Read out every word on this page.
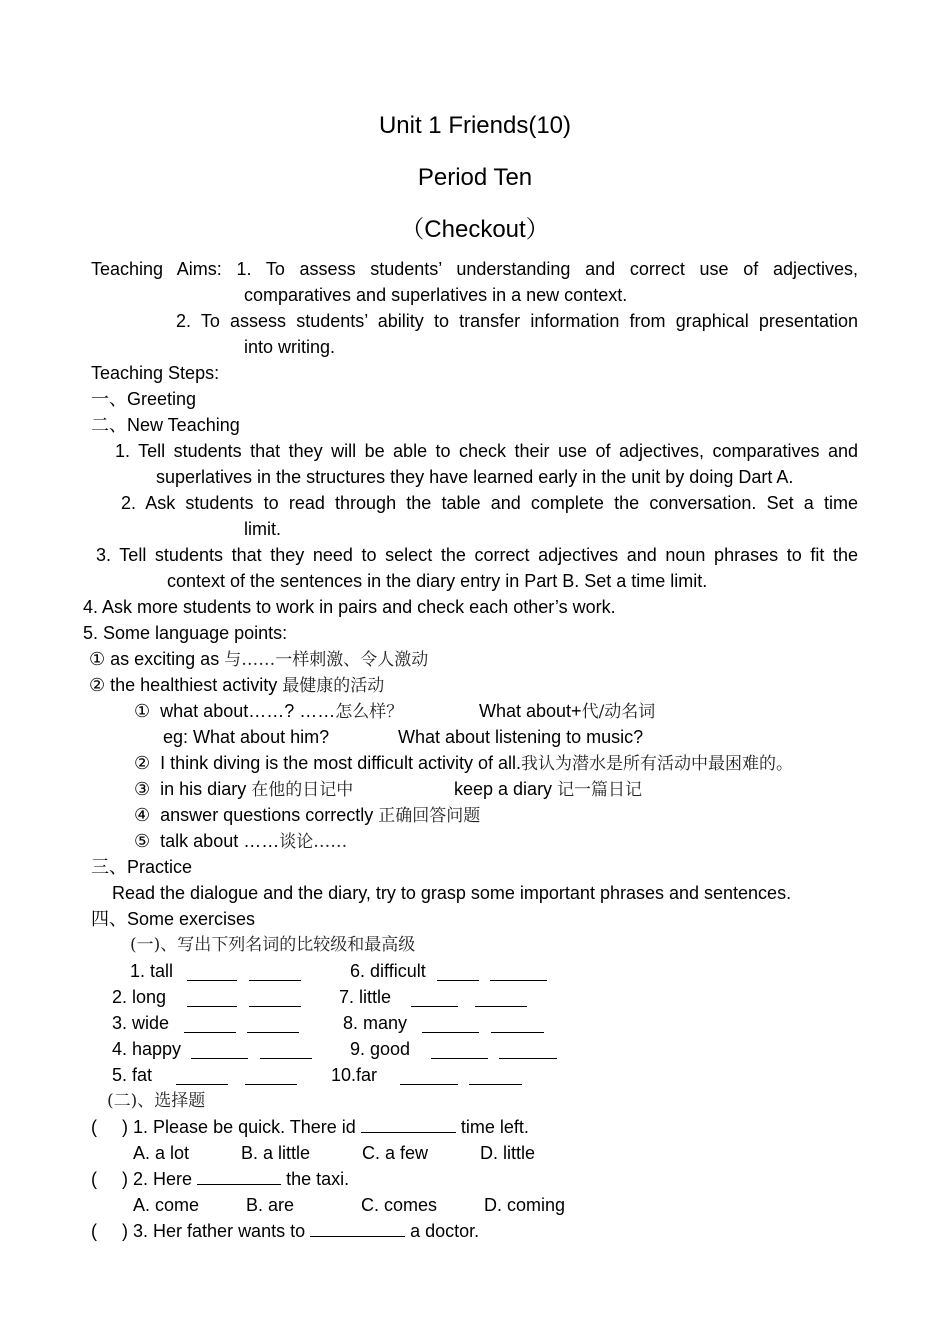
Unit 1 Friends(10)
Period Ten
（Checkout）
Teaching Aims: 1. To assess students’ understanding and correct use of adjectives,
comparatives and superlatives in a new context.
2. To assess students’ ability to transfer information from graphical presentation
into writing.
Teaching Steps:
一、Greeting
二、New Teaching
1. Tell students that they will be able to check their use of adjectives, comparatives and
superlatives in the structures they have learned early in the unit by doing Dart A.
2. Ask students to read through the table and complete the conversation. Set a time
limit.
3. Tell students that they need to select the correct adjectives and noun phrases to fit the
context of the sentences in the diary entry in Part B. Set a time limit.
4. Ask more students to work in pairs and check each other’s work.
5. Some language points:
① as exciting as 与……一样刺激、令人激动
② the healthiest activity 最健康的活动
① what about……? ……怎么样？	What about+代/动名词
eg: What about him?	What about listening to music?
② I think diving is the most difficult activity of all.我认为潜水是所有活动中最困难的。
③ in his diary 在他的日记中	keep a diary 记一篇日记
④ answer questions correctly 正确回答问题
⑤ talk about ……谈论……
三、Practice
Read the dialogue and the diary, try to grasp some important phrases and sentences.
四、Some exercises
(一)、写出下列名词的比较级和最高级
1. tall	6. difficult
2. long	7. little
3. wide	8. many
4. happy	9. good
5. fat	10.far
(二)、选择题
(     ) 1. Please be quick. There id	time left.
A. a lot	B. a little	C. a few	D. little
(     ) 2. Here	the taxi.
A. come	B. are	C. comes	D. coming
(     ) 3. Her father wants to	a doctor.
